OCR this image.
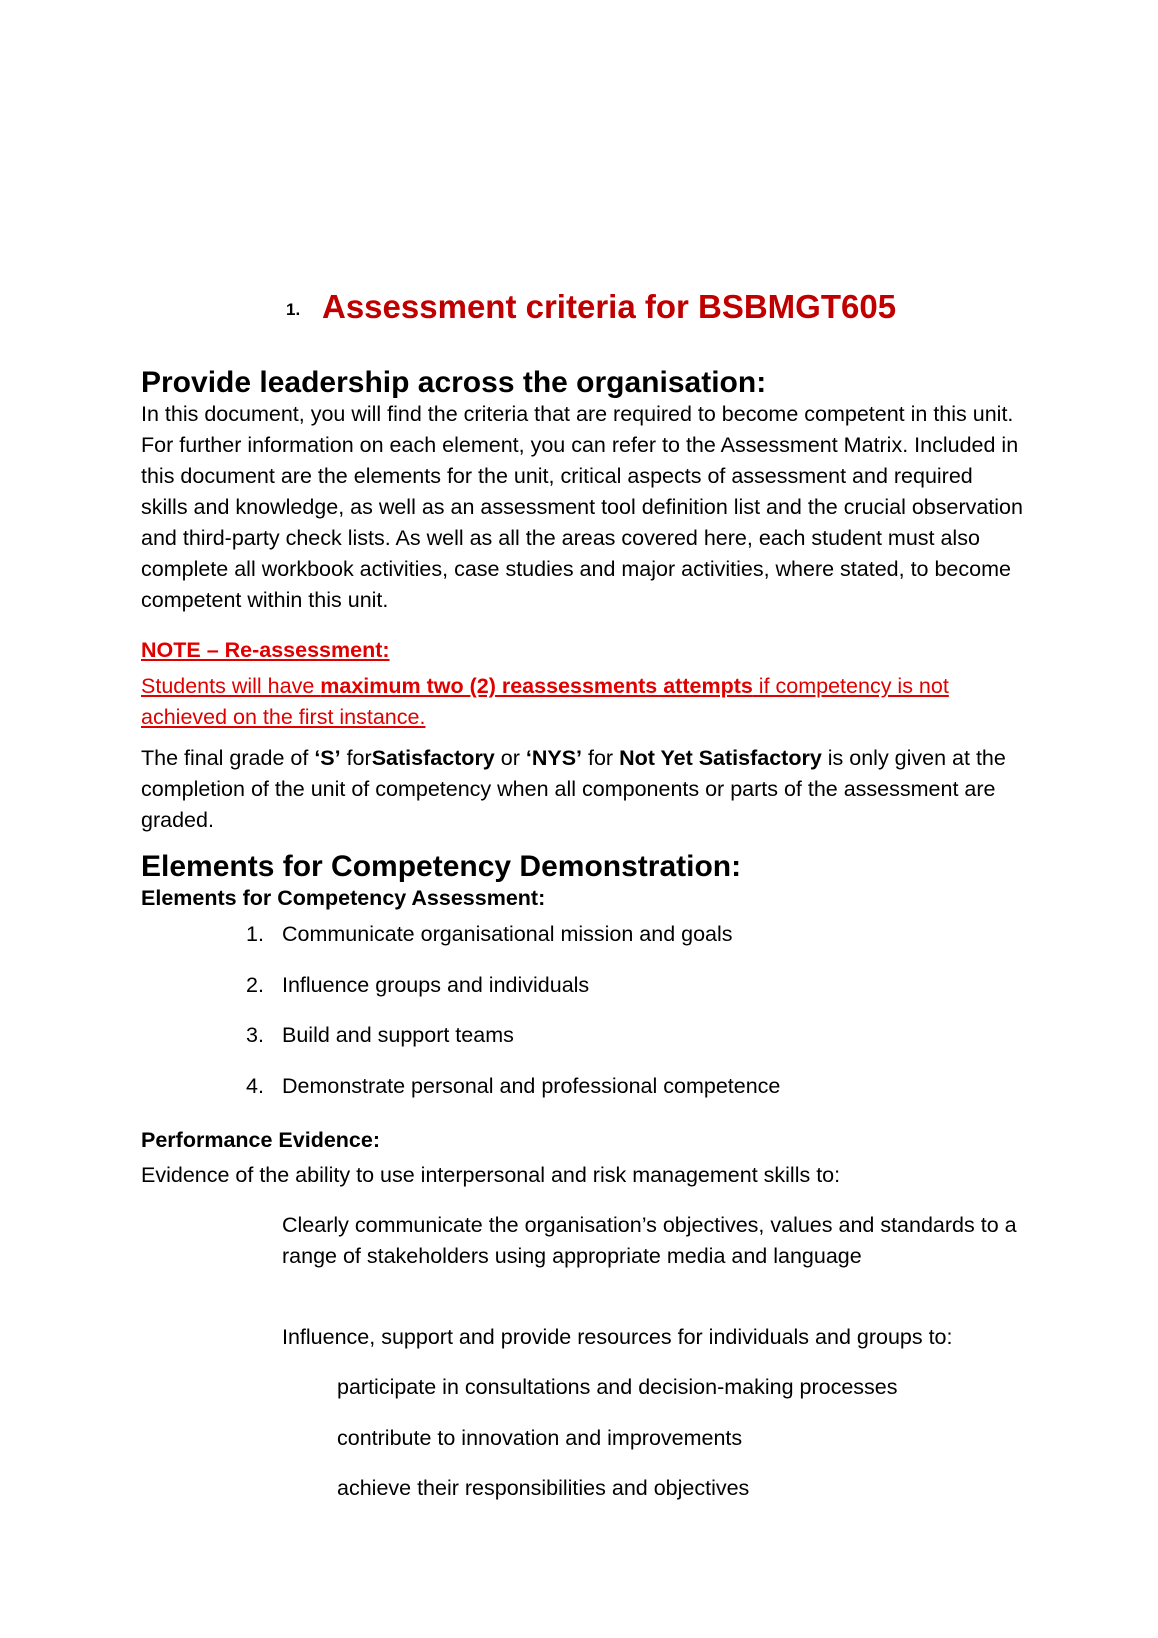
1. Assessment criteria for BSBMGT605
Provide leadership across the organisation:

In this document, you will find the criteria that are required to become competent in this unit. For further information on each element, you can refer to the Assessment Matrix. Included in this document are the elements for the unit, critical aspects of assessment and required skills and knowledge, as well as an assessment tool definition list and the crucial observation and third-party check lists. As well as all the areas covered here, each student must also complete all workbook activities, case studies and major activities, where stated, to become competent within this unit.

NOTE – Re-assessment:

Students will have maximum two (2) reassessments attempts if competency is not achieved on the first instance.

The final grade of ‘S’ forSatisfactory or ‘NYS’ for Not Yet Satisfactory is only given at the completion of the unit of competency when all components or parts of the assessment are graded.

Elements for Competency Demonstration:
Elements for Competency Assessment:
1. Communicate organisational mission and goals
2. Influence groups and individuals
3. Build and support teams
4. Demonstrate personal and professional competence
Performance Evidence:

Evidence of the ability to use interpersonal and risk management skills to:

Clearly communicate the organisation’s objectives, values and standards to a range of stakeholders using appropriate media and language
Influence, support and provide resources for individuals and groups to:
participate in consultations and decision-making processes
contribute to innovation and improvements
achieve their responsibilities and objectives
